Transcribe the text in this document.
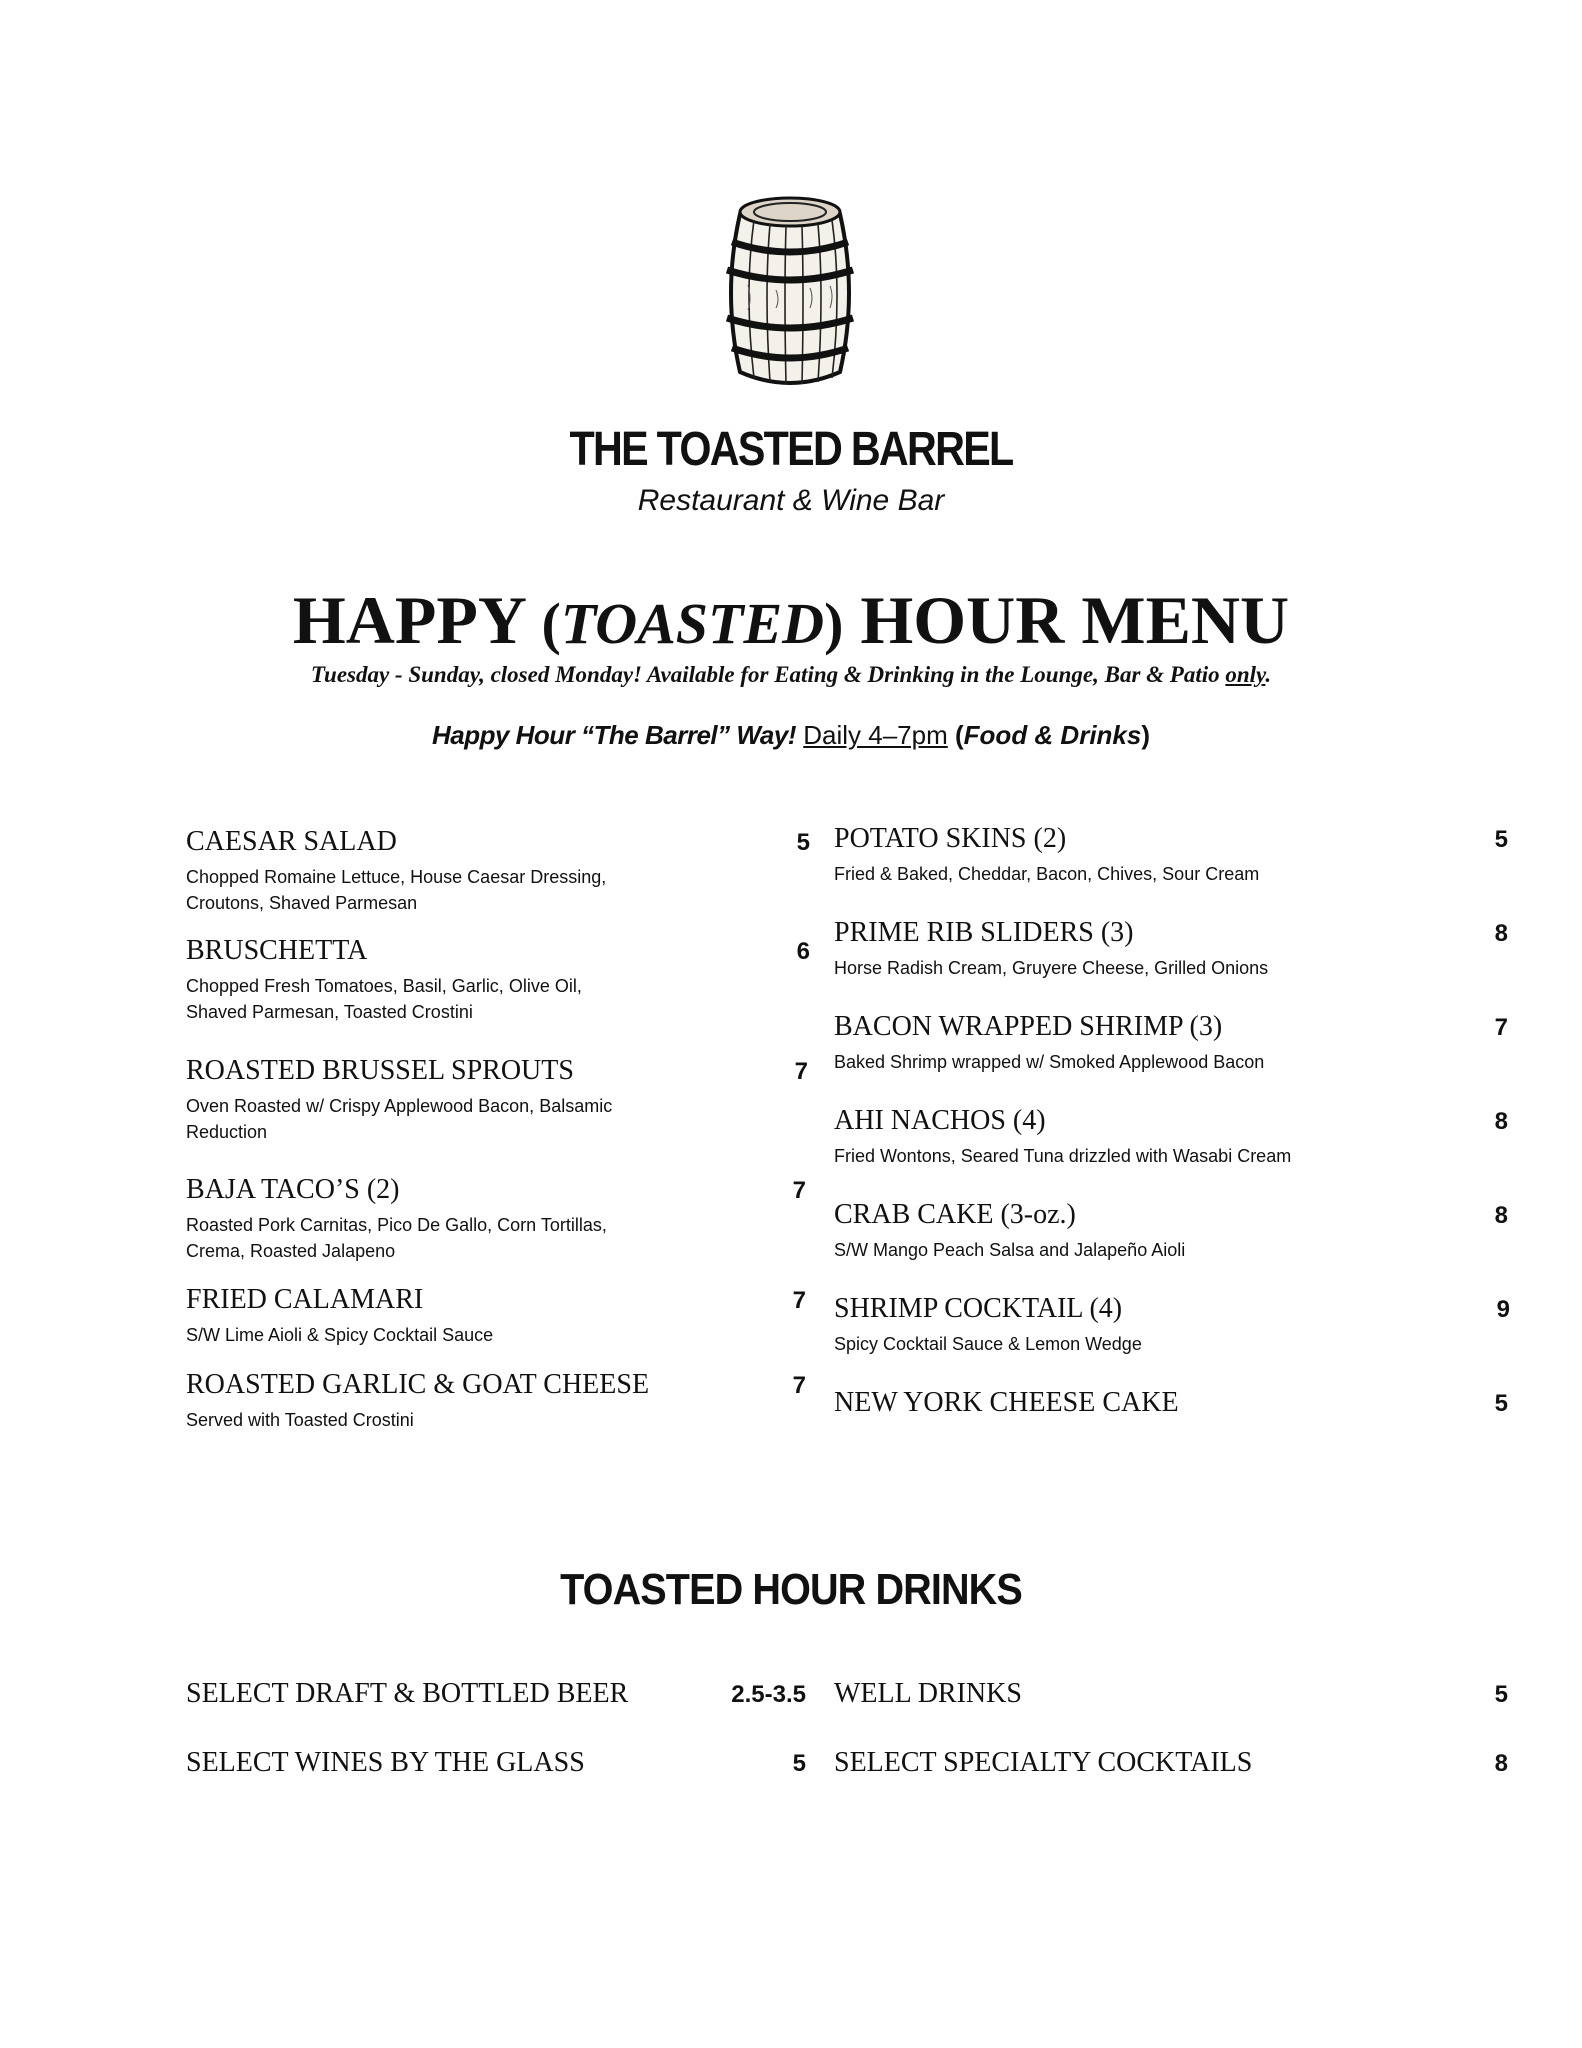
THE TOASTED BARREL
Restaurant & Wine Bar
HAPPY (TOASTED) HOUR MENU
Tuesday - Sunday, closed Monday! Available for Eating & Drinking in the Lounge, Bar & Patio only.
Happy Hour “The Barrel” Way! Daily 4–7pm (Food & Drinks)
CAESAR SALAD	5
Chopped Romaine Lettuce, House Caesar Dressing, Croutons, Shaved Parmesan
BRUSCHETTA	6
Chopped Fresh Tomatoes, Basil, Garlic, Olive Oil, Shaved Parmesan, Toasted Crostini
ROASTED BRUSSEL SPROUTS	7
Oven Roasted w/ Crispy Applewood Bacon, Balsamic Reduction
BAJA TACO’S (2)	7
Roasted Pork Carnitas, Pico De Gallo, Corn Tortillas, Crema, Roasted Jalapeno
FRIED CALAMARI	7
S/W Lime Aioli & Spicy Cocktail Sauce
ROASTED GARLIC & GOAT CHEESE	7
Served with Toasted Crostini
POTATO SKINS (2)	5
Fried & Baked, Cheddar, Bacon, Chives, Sour Cream
PRIME RIB SLIDERS (3)	8
Horse Radish Cream, Gruyere Cheese, Grilled Onions
BACON WRAPPED SHRIMP (3)	7
Baked Shrimp wrapped w/ Smoked Applewood Bacon
AHI NACHOS (4)	8
Fried Wontons, Seared Tuna drizzled with Wasabi Cream
CRAB CAKE (3-oz.)	8
S/W Mango Peach Salsa and Jalapeño Aioli
SHRIMP COCKTAIL (4)	9
Spicy Cocktail Sauce & Lemon Wedge
NEW YORK CHEESE CAKE	5
TOASTED HOUR DRINKS
SELECT DRAFT & BOTTLED BEER	2.5-3.5
SELECT WINES BY THE GLASS	5
WELL DRINKS	5
SELECT SPECIALTY COCKTAILS	8
